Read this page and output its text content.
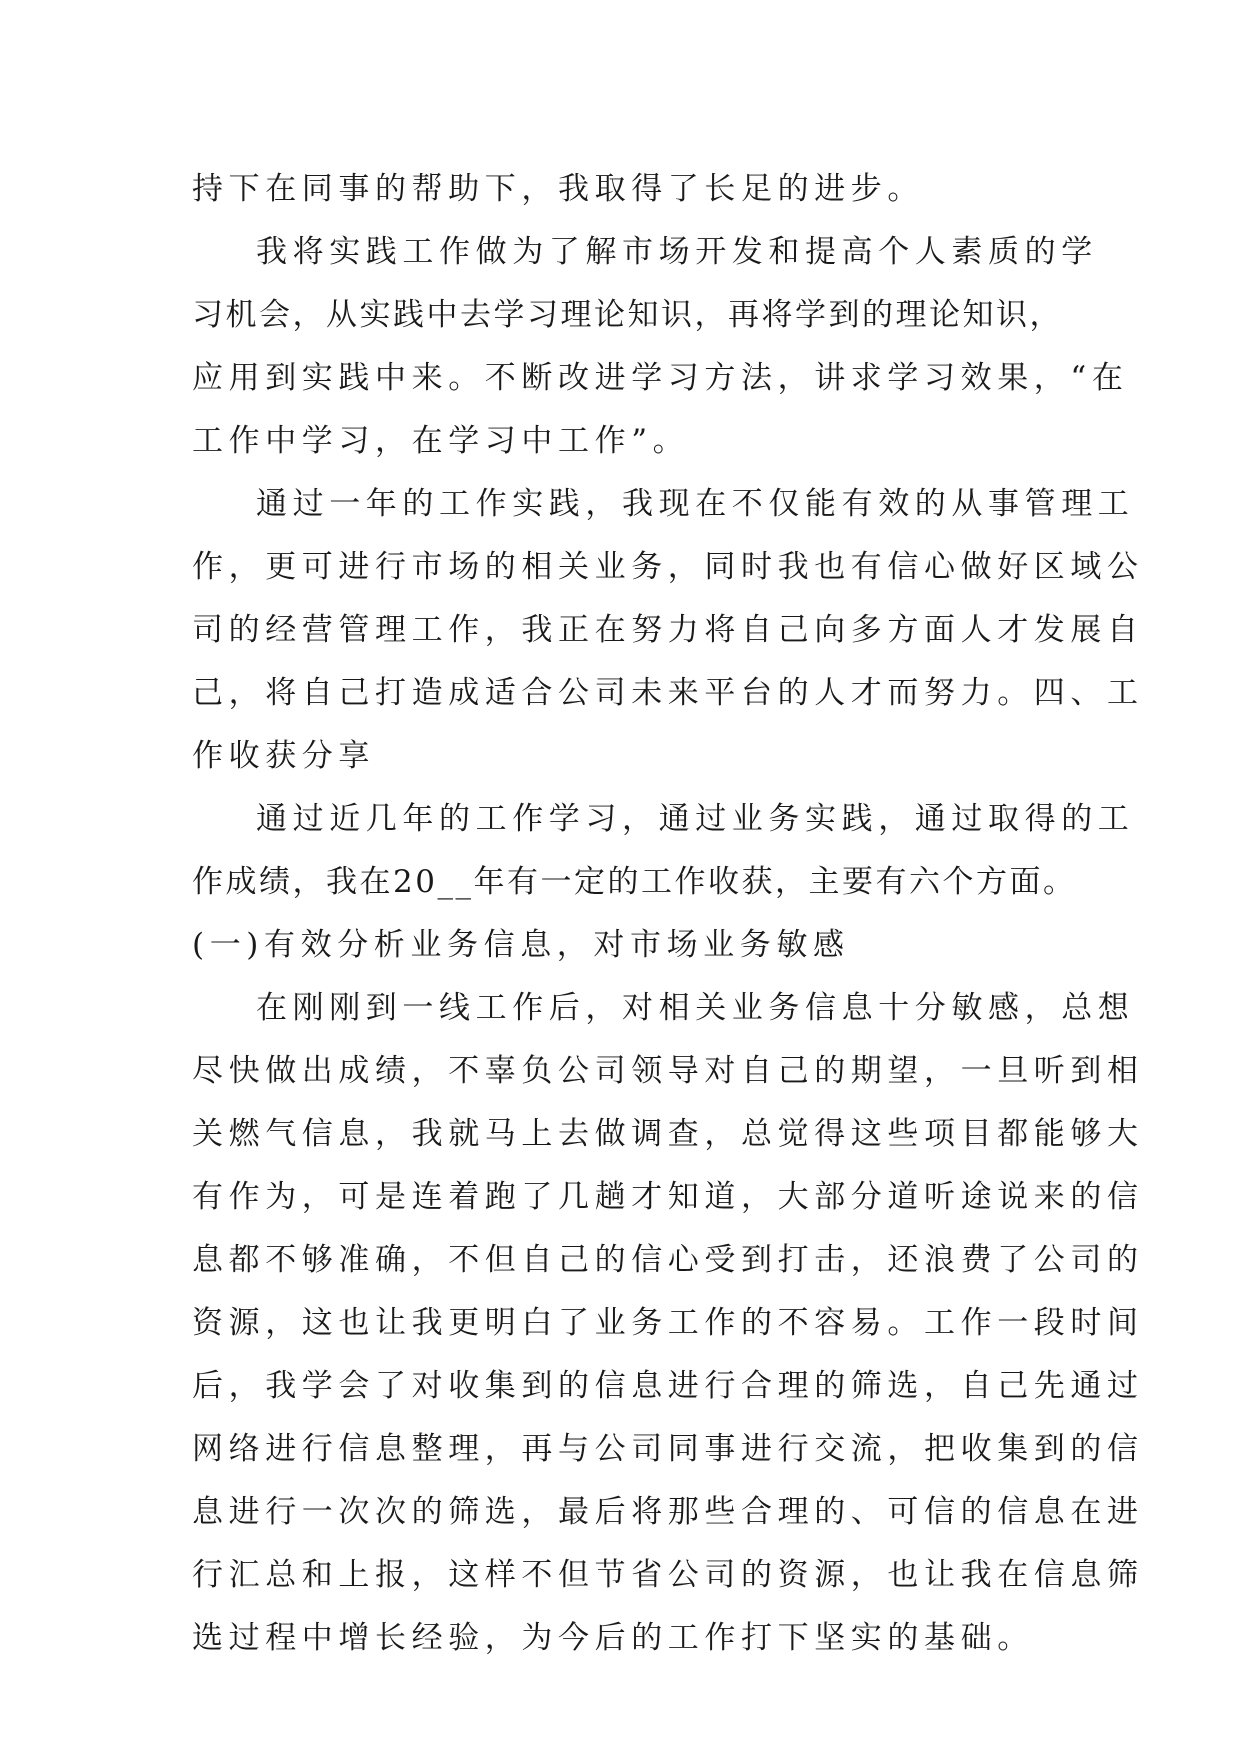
持下在同事的帮助下，我取得了长足的进步。
我将实践工作做为了解市场开发和提高个人素质的学
习机会，从实践中去学习理论知识，再将学到的理论知识，
应用到实践中来。不断改进学习方法，讲求学习效果，“在
工作中学习，在学习中工作”。
通过一年的工作实践，我现在不仅能有效的从事管理工
作，更可进行市场的相关业务，同时我也有信心做好区域公
司的经营管理工作，我正在努力将自己向多方面人才发展自
己，将自己打造成适合公司未来平台的人才而努力。四、工
作收获分享
通过近几年的工作学习，通过业务实践，通过取得的工
作成绩，我在20__年有一定的工作收获，主要有六个方面。
(一)有效分析业务信息，对市场业务敏感
在刚刚到一线工作后，对相关业务信息十分敏感，总想
尽快做出成绩，不辜负公司领导对自己的期望，一旦听到相
关燃气信息，我就马上去做调查，总觉得这些项目都能够大
有作为，可是连着跑了几趟才知道，大部分道听途说来的信
息都不够准确，不但自己的信心受到打击，还浪费了公司的
资源，这也让我更明白了业务工作的不容易。工作一段时间
后，我学会了对收集到的信息进行合理的筛选，自己先通过
网络进行信息整理，再与公司同事进行交流，把收集到的信
息进行一次次的筛选，最后将那些合理的、可信的信息在进
行汇总和上报，这样不但节省公司的资源，也让我在信息筛
选过程中增长经验，为今后的工作打下坚实的基础。
